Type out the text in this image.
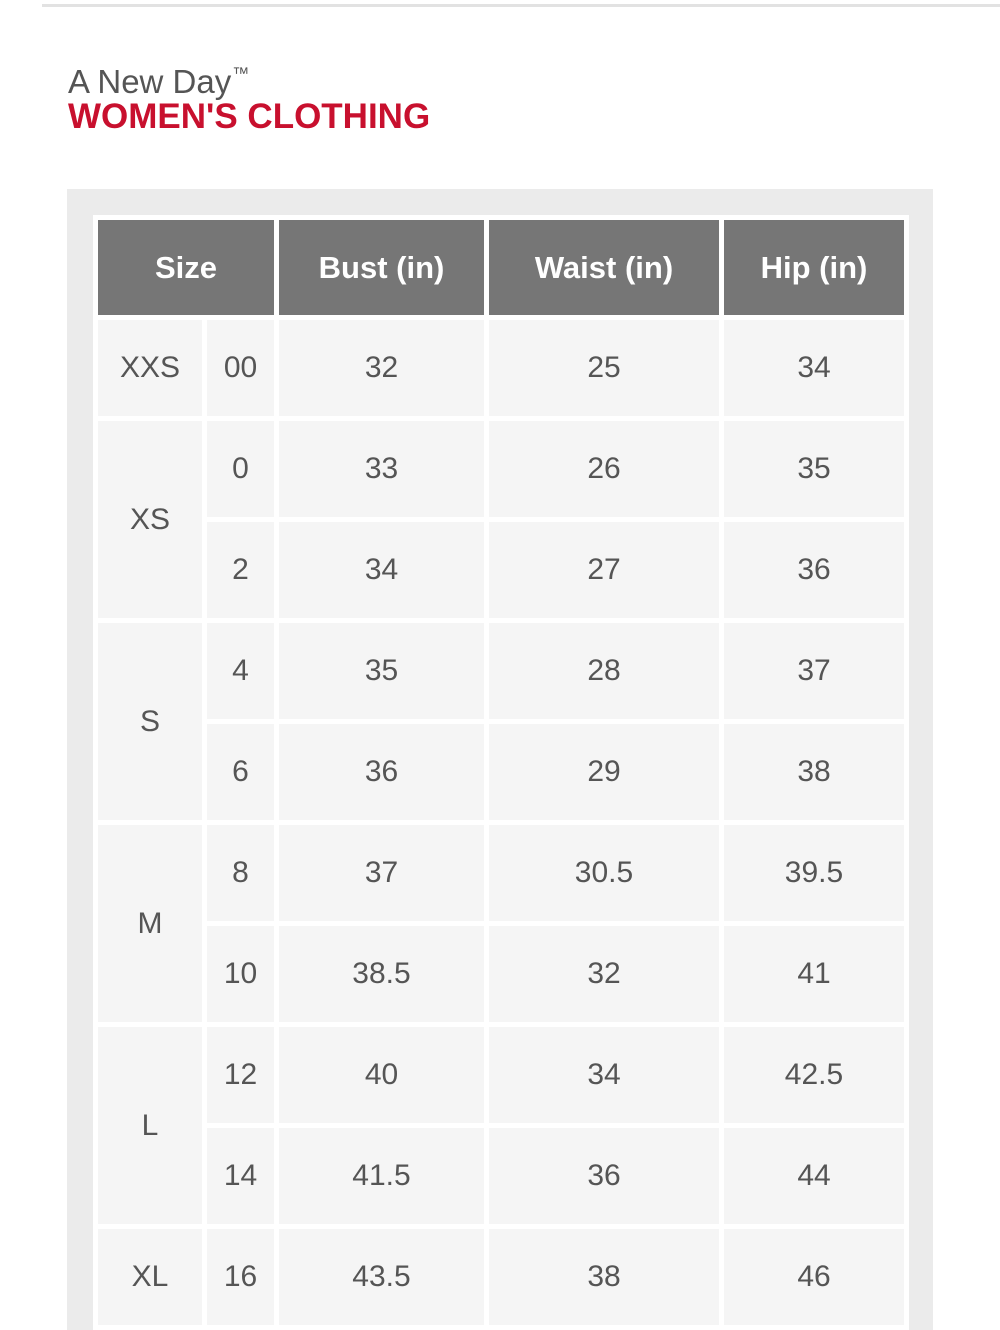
A New Day™
WOMEN'S CLOTHING
Size		Bust (in)	Waist (in)	Hip (in)
XXS	00	32	25	34
XS	0	33	26	35
	2	34	27	36
S	4	35	28	37
	6	36	29	38
M	8	37	30.5	39.5
	10	38.5	32	41
L	12	40	34	42.5
	14	41.5	36	44
XL	16	43.5	38	46
